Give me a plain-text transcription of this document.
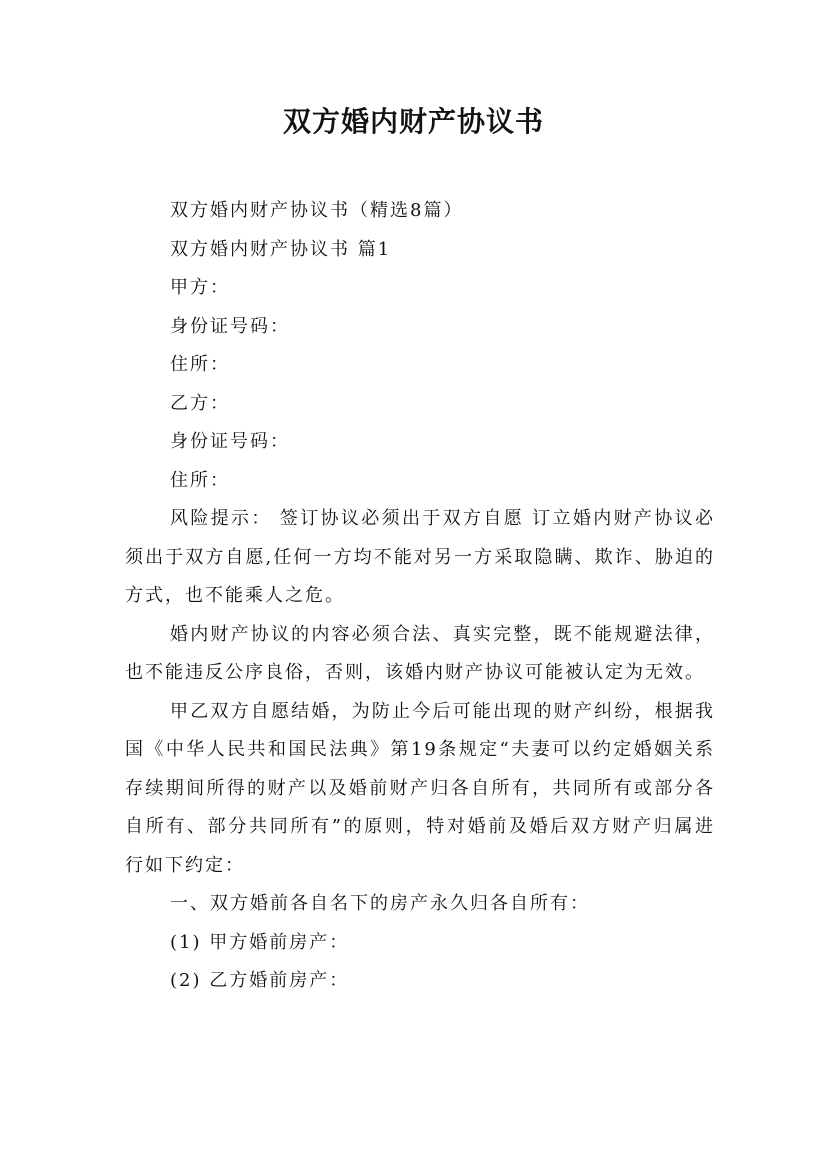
双方婚内财产协议书

双方婚内财产协议书（精选8篇）

双方婚内财产协议书 篇1

甲方：

身份证号码：

住所：

乙方：

身份证号码：

住所：

风险提示： 签订协议必须出于双方自愿 订立婚内财产协议必须出于双方自愿,任何一方均不能对另一方采取隐瞒、欺诈、胁迫的方式，也不能乘人之危。

婚内财产协议的内容必须合法、真实完整，既不能规避法律，也不能违反公序良俗，否则，该婚内财产协议可能被认定为无效。

甲乙双方自愿结婚，为防止今后可能出现的财产纠纷，根据我国《中华人民共和国民法典》第19条规定“夫妻可以约定婚姻关系存续期间所得的财产以及婚前财产归各自所有，共同所有或部分各自所有、部分共同所有”的原则，特对婚前及婚后双方财产归属进行如下约定：

一、双方婚前各自名下的房产永久归各自所有：

(1) 甲方婚前房产：

(2) 乙方婚前房产：
